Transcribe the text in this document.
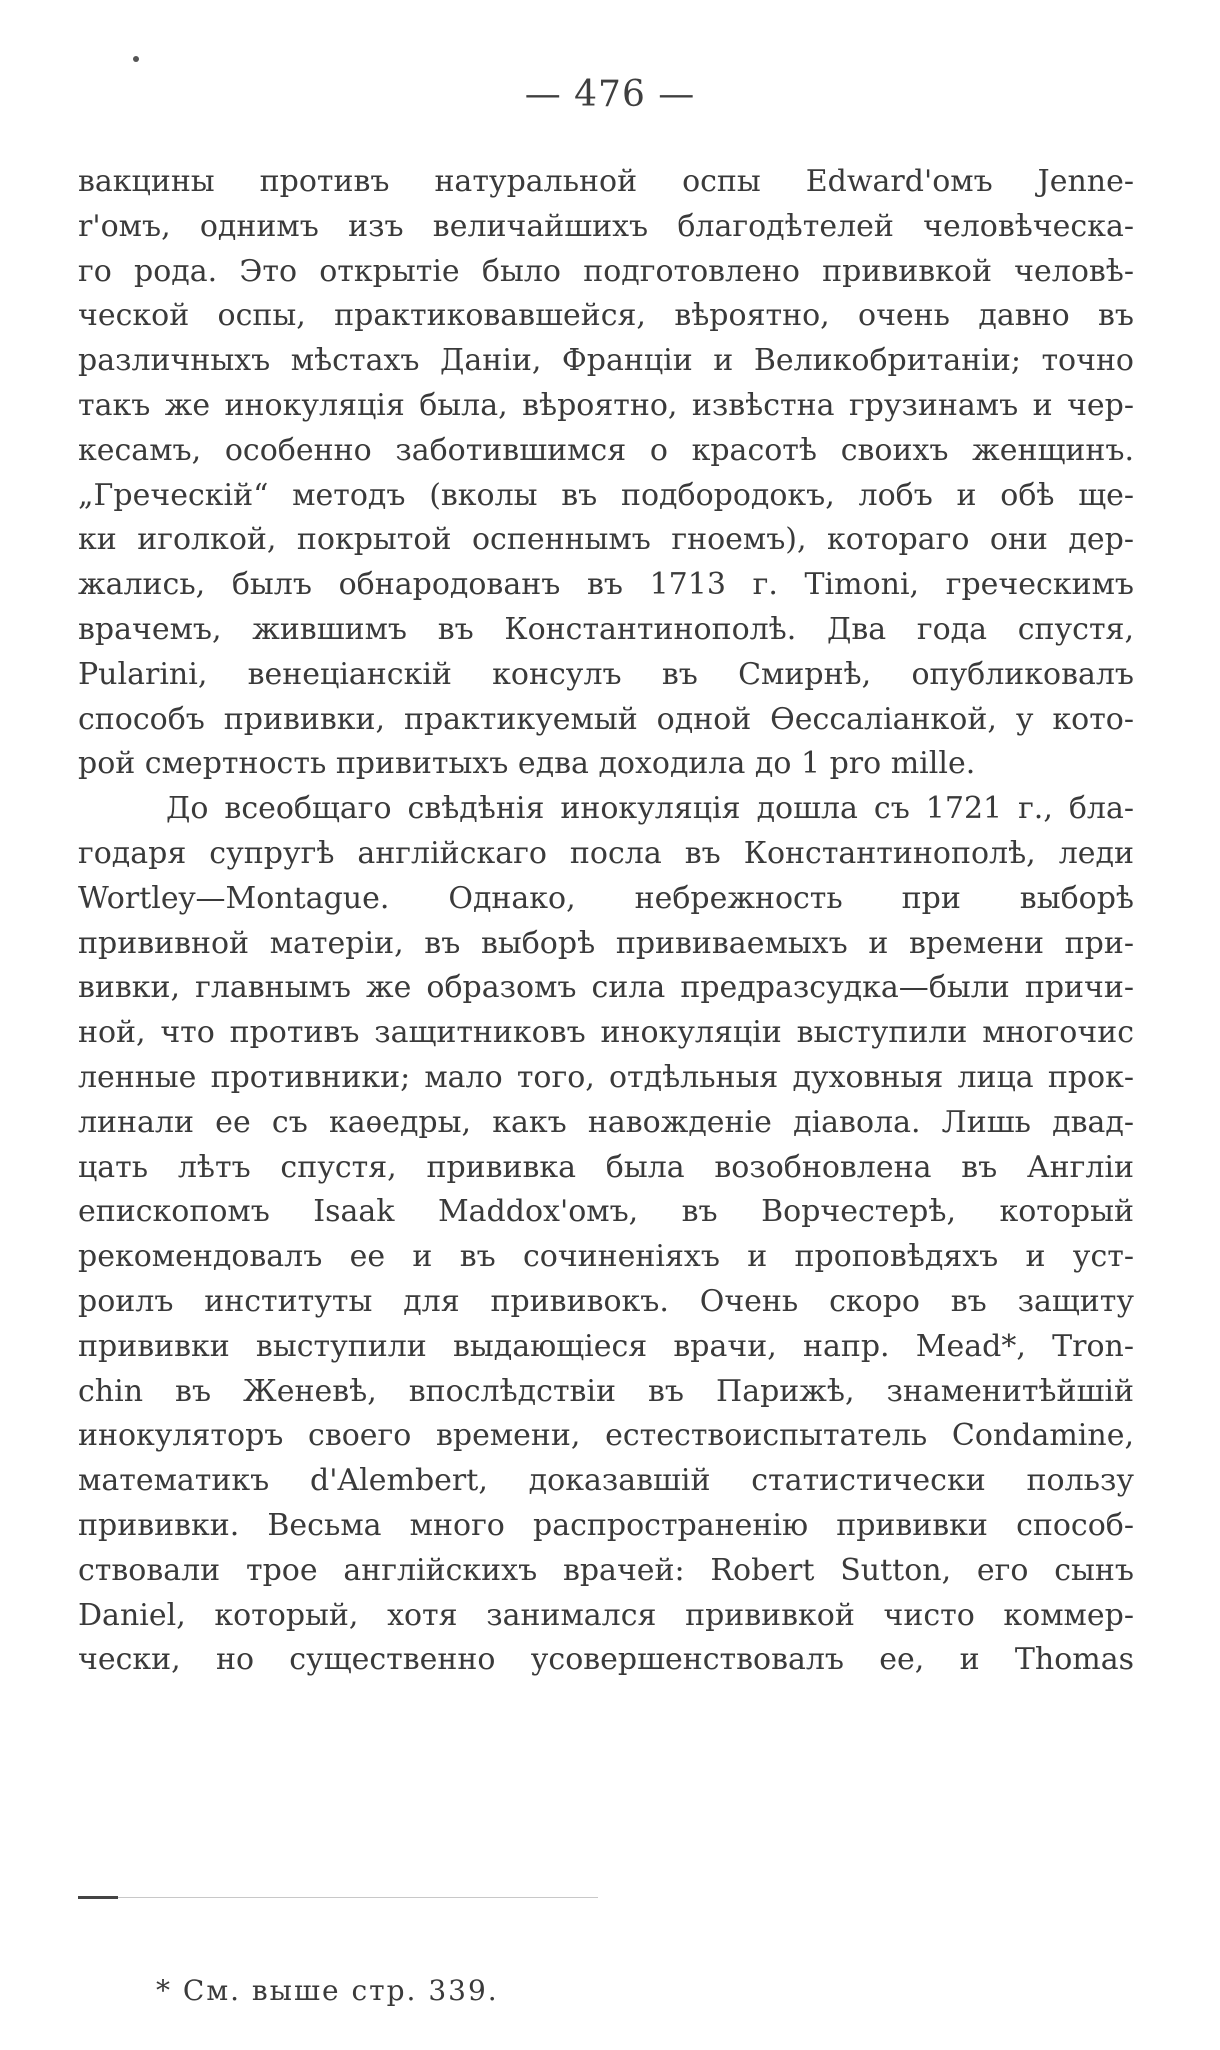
— 476 —
вакцины противъ натуральной оспы Edward'омъ Jenne-
r'омъ, однимъ изъ величайшихъ благодѣтелей человѣческа-
го рода. Это открытіе было подготовлено прививкой человѣ-
ческой оспы, практиковавшейся, вѣроятно, очень давно въ
различныхъ мѣстахъ Даніи, Франціи и Великобританіи; точно
такъ же инокуляція была, вѣроятно, извѣстна грузинамъ и чер-
кесамъ, особенно заботившимся о красотѣ своихъ женщинъ.
„Греческій“ методъ (вколы въ подбородокъ, лобъ и обѣ ще-
ки иголкой, покрытой оспеннымъ гноемъ), котораго они дер-
жались, былъ обнародованъ въ 1713 г. Timoni, греческимъ
врачемъ, жившимъ въ Константинополѣ. Два года спустя,
Pularini, венеціанскій консулъ въ Смирнѣ, опубликовалъ
способъ прививки, практикуемый одной Өессаліанкой, у кото-
рой смертность привитыхъ едва доходила до 1 pro mille.
До всеобщаго свѣдѣнія инокуляція дошла съ 1721 г., бла-
годаря супругѣ англійскаго посла въ Константинополѣ, леди
Wortley—Montague. Однако, небрежность при выборѣ
прививной матеріи, въ выборѣ прививаемыхъ и времени при-
вивки, главнымъ же образомъ сила предразсудка—были причи-
ной, что противъ защитниковъ инокуляціи выступили многочис
ленные противники; мало того, отдѣльныя духовныя лица прок-
линали ее съ каѳедры, какъ навожденіе діавола. Лишь двад-
цать лѣтъ спустя, прививка была возобновлена въ Англіи
епископомъ Isaak Maddox'омъ, въ Ворчестерѣ, который
рекомендовалъ ее и въ сочиненіяхъ и проповѣдяхъ и уст-
роилъ институты для прививокъ. Очень скоро въ защиту
прививки выступили выдающіеся врачи, напр. Mead*, Tron-
chin въ Женевѣ, впослѣдствіи въ Парижѣ, знаменитѣйшій
инокуляторъ своего времени, естествоиспытатель Condamine,
математикъ d'Alembert, доказавшій статистически пользу
прививки. Весьма много распространенію прививки способ-
ствовали трое англійскихъ врачей: Robert Sutton, его сынъ
Daniel, который, хотя занимался прививкой чисто коммер-
чески, но существенно усовершенствовалъ ее, и Thomas
* См. выше стр. 339.
